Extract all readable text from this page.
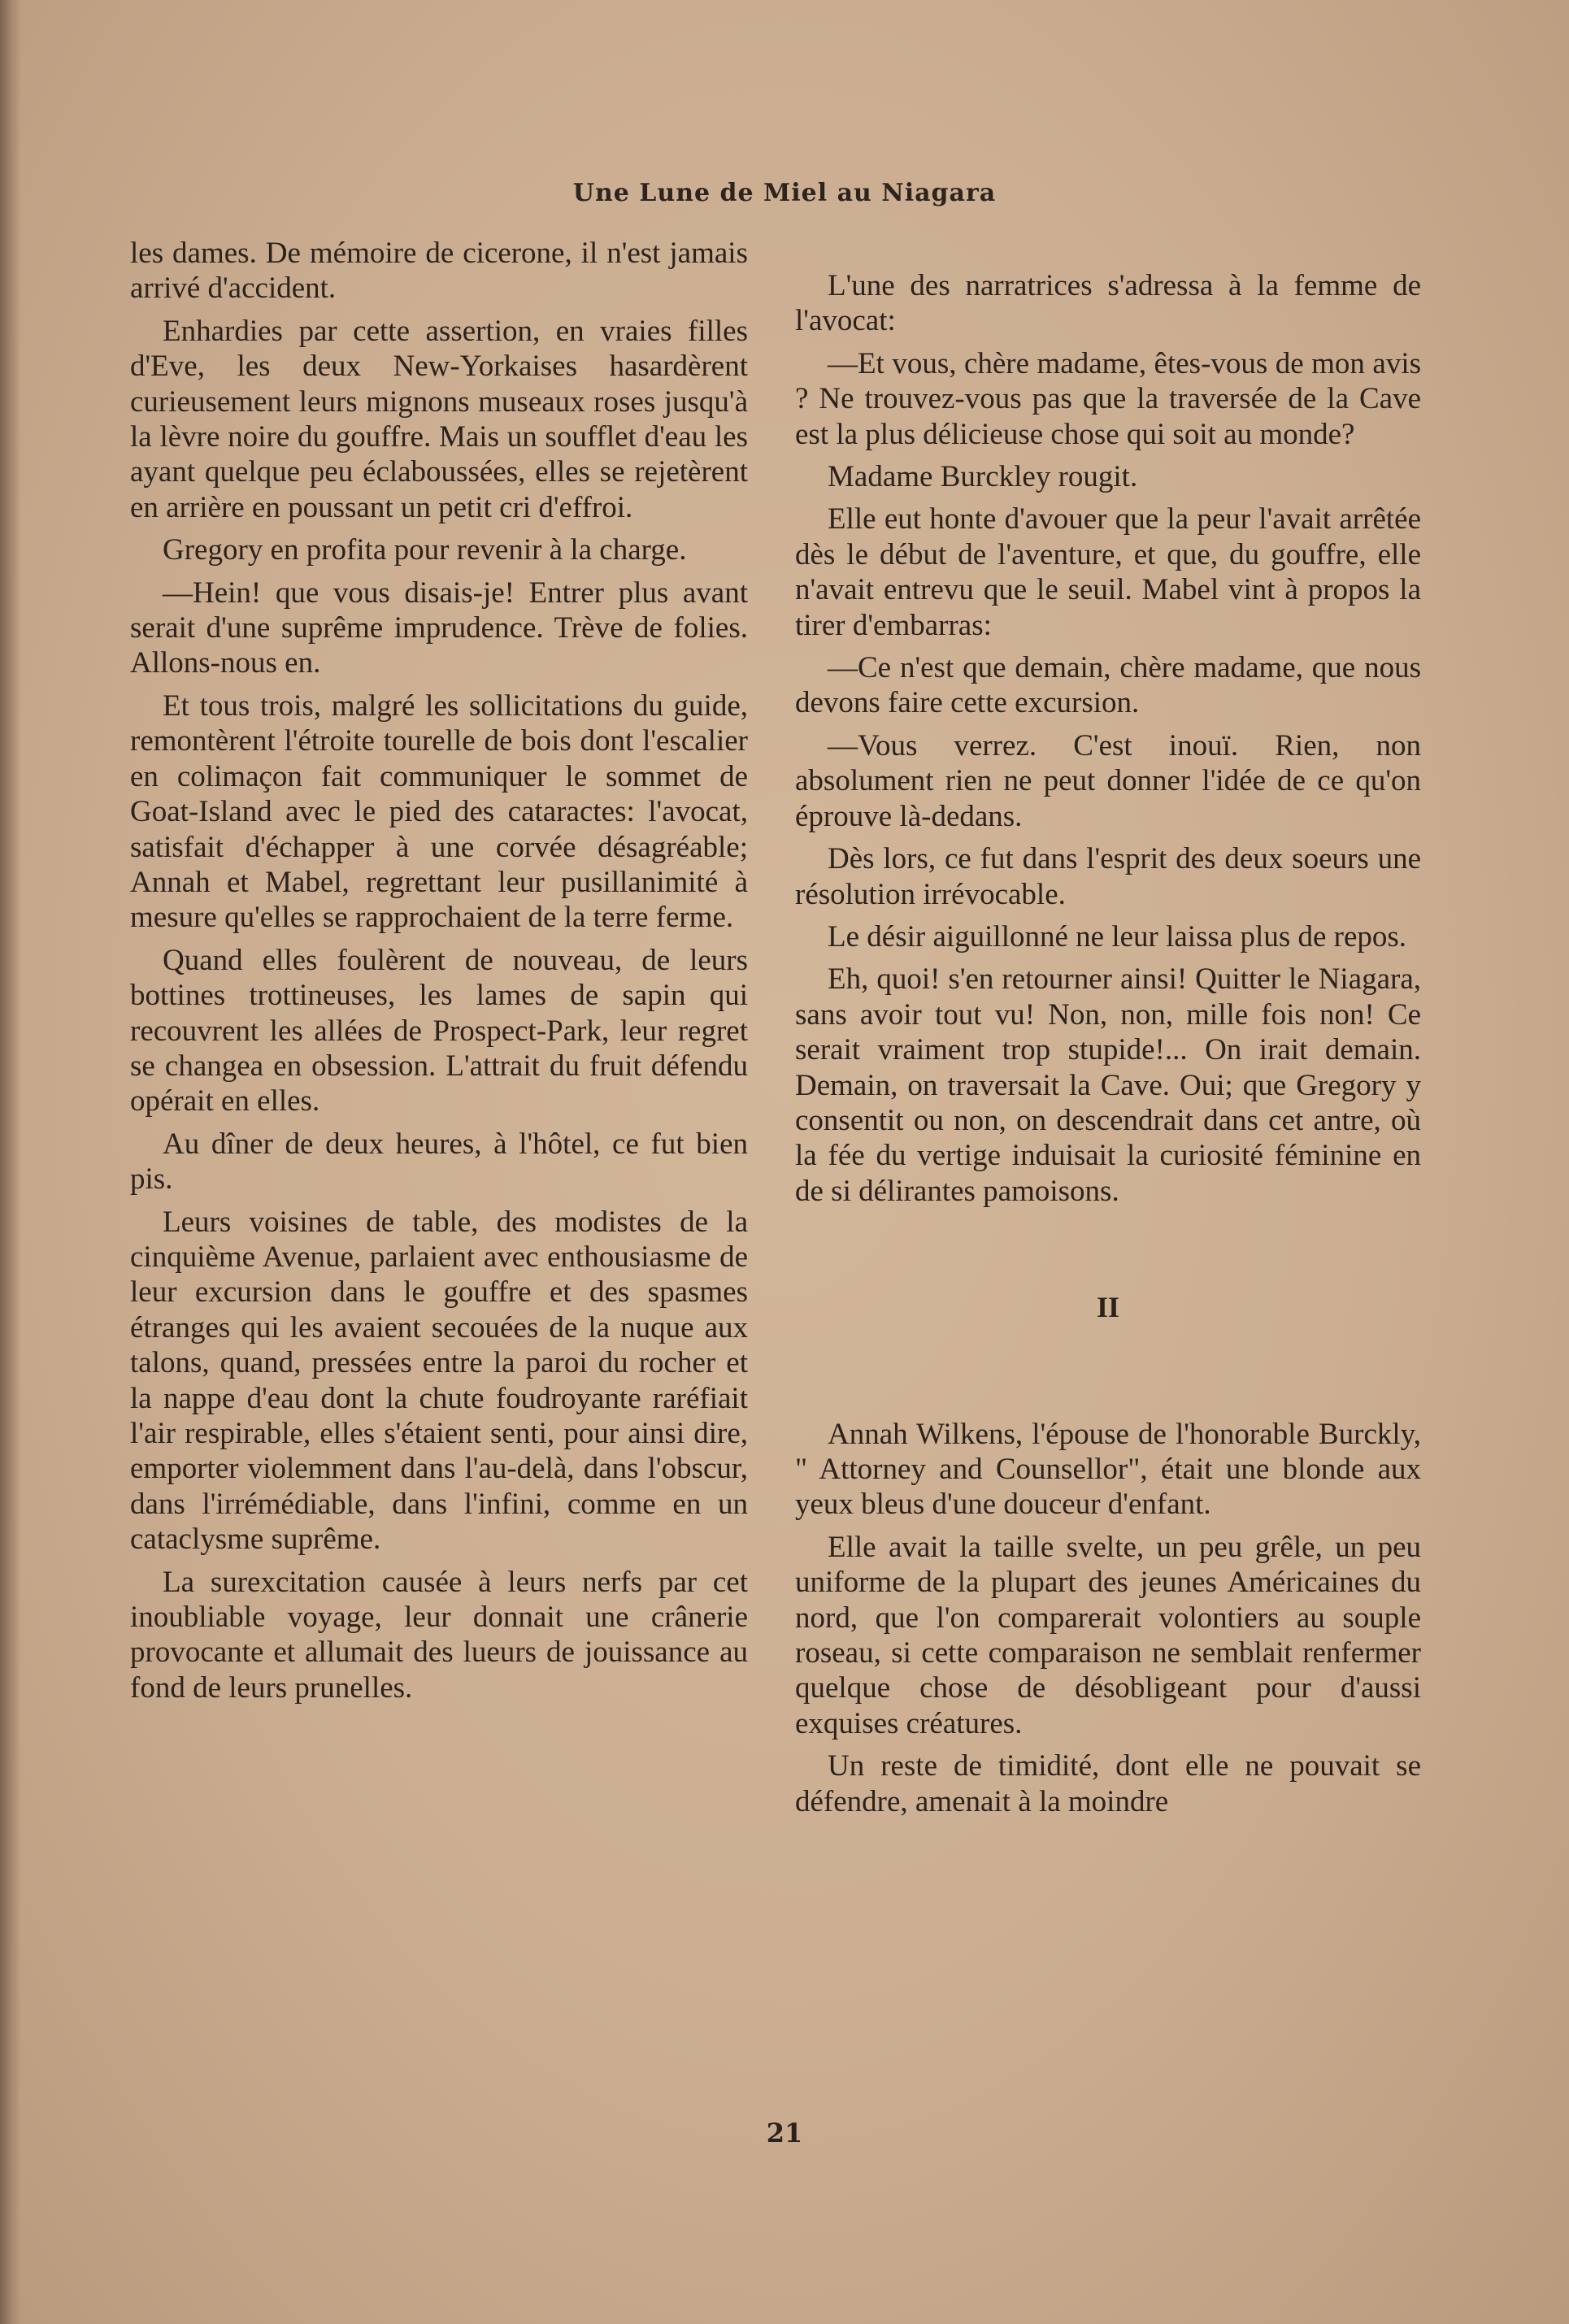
Une Lune de Miel au Niagara

les dames. De mémoire de cicerone, il n'est jamais arrivé d'accident.

Enhardies par cette assertion, en vraies filles d'Eve, les deux New-Yorkaises hasardèrent curieusement leurs mignons museaux roses jusqu'à la lèvre noire du gouffre. Mais un soufflet d'eau les ayant quelque peu éclaboussées, elles se rejetèrent en arrière en poussant un petit cri d'effroi.

Gregory en profita pour revenir à la charge.

—Hein! que vous disais-je! Entrer plus avant serait d'une suprême imprudence. Trève de folies. Allons-nous en.

Et tous trois, malgré les sollicitations du guide, remontèrent l'étroite tourelle de bois dont l'escalier en colimaçon fait communiquer le sommet de Goat-Island avec le pied des cataractes: l'avocat, satisfait d'échapper à une corvée désagréable; Annah et Mabel, regrettant leur pusillanimité à mesure qu'elles se rapprochaient de la terre ferme.

Quand elles foulèrent de nouveau, de leurs bottines trottineuses, les lames de sapin qui recouvrent les allées de Prospect-Park, leur regret se changea en obsession. L'attrait du fruit défendu opérait en elles.

Au dîner de deux heures, à l'hôtel, ce fut bien pis.

Leurs voisines de table, des modistes de la cinquième Avenue, parlaient avec enthousiasme de leur excursion dans le gouffre et des spasmes étranges qui les avaient secouées de la nuque aux talons, quand, pressées entre la paroi du rocher et la nappe d'eau dont la chute foudroyante raréfiait l'air respirable, elles s'étaient senti, pour ainsi dire, emporter violemment dans l'au-delà, dans l'obscur, dans l'irrémédiable, dans l'infini, comme en un cataclysme suprême.

La surexcitation causée à leurs nerfs par cet inoubliable voyage, leur donnait une crânerie provocante et allumait des lueurs de jouissance au fond de leurs prunelles.

L'une des narratrices s'adressa à la femme de l'avocat:

—Et vous, chère madame, êtes-vous de mon avis ? Ne trouvez-vous pas que la traversée de la Cave est la plus délicieuse chose qui soit au monde?

Madame Burckley rougit.

Elle eut honte d'avouer que la peur l'avait arrêtée dès le début de l'aventure, et que, du gouffre, elle n'avait entrevu que le seuil. Mabel vint à propos la tirer d'embarras:

—Ce n'est que demain, chère madame, que nous devons faire cette excursion.

—Vous verrez. C'est inouï. Rien, non absolument rien ne peut donner l'idée de ce qu'on éprouve là-dedans.

Dès lors, ce fut dans l'esprit des deux soeurs une résolution irrévocable.

Le désir aiguillonné ne leur laissa plus de repos.

Eh, quoi! s'en retourner ainsi! Quitter le Niagara, sans avoir tout vu! Non, non, mille fois non! Ce serait vraiment trop stupide!... On irait demain. Demain, on traversait la Cave. Oui; que Gregory y consentit ou non, on descendrait dans cet antre, où la fée du vertige induisait la curiosité féminine en de si délirantes pamoisons.

II

Annah Wilkens, l'épouse de l'honorable Burckly, " Attorney and Counsellor", était une blonde aux yeux bleus d'une douceur d'enfant.

Elle avait la taille svelte, un peu grêle, un peu uniforme de la plupart des jeunes Américaines du nord, que l'on comparerait volontiers au souple roseau, si cette comparaison ne semblait renfermer quelque chose de désobligeant pour d'aussi exquises créatures.

Un reste de timidité, dont elle ne pouvait se défendre, amenait à la moindre

21
